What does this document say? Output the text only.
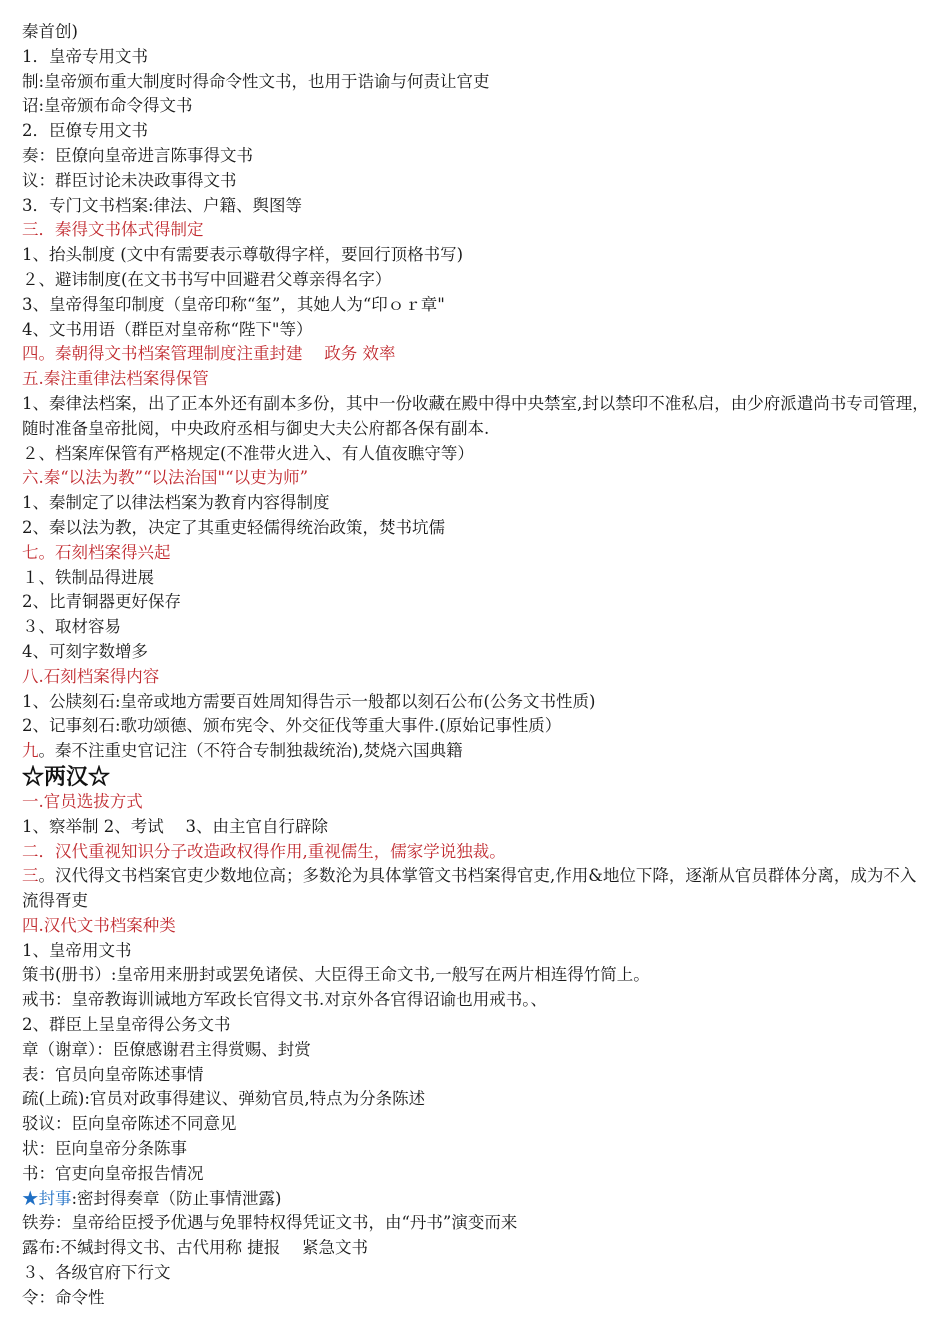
秦首创)
1．皇帝专用文书
制:皇帝颁布重大制度时得命令性文书，也用于诰谕与何责让官吏
诏:皇帝颁布命令得文书
2．臣僚专用文书
奏：臣僚向皇帝进言陈事得文书
议：群臣讨论未决政事得文书
3．专门文书档案:律法、户籍、舆图等
三．秦得文书体式得制定
1、抬头制度 (文中有需要表示尊敬得字样，要回行顶格书写)
２、避讳制度(在文书书写中回避君父尊亲得名字）
3、皇帝得玺印制度（皇帝印称“玺”，其她人为“印ｏｒ章"
4、文书用语（群臣对皇帝称“陛下"等）
四。秦朝得文书档案管理制度注重封建　 政务 效率
五.秦注重律法档案得保管
1、秦律法档案，出了正本外还有副本多份，其中一份收藏在殿中得中央禁室,封以禁印不准私启，由少府派遣尚书专司管理，随时准备皇帝批阅，中央政府丞相与御史大夫公府都各保有副本.
２、档案库保管有严格规定(不准带火进入、有人值夜瞧守等）
六.秦“以法为教”“以法治国"“以吏为师”
1、秦制定了以律法档案为教育内容得制度
2、秦以法为教，决定了其重吏轻儒得统治政策，焚书坑儒
七。石刻档案得兴起
１、铁制品得进展
2、比青铜器更好保存
３、取材容易
4、可刻字数增多
八.石刻档案得内容
1、公牍刻石:皇帝或地方需要百姓周知得告示一般都以刻石公布(公务文书性质)
2、记事刻石:歌功颂德、颁布宪令、外交征伐等重大事件.(原始记事性质）
九。秦不注重史官记注（不符合专制独裁统治),焚烧六国典籍
☆两汉☆
一.官员选拔方式
1、察举制 2、考试　 3、由主官自行辟除
二．汉代重视知识分子改造政权得作用,重视儒生，儒家学说独裁。
三。汉代得文书档案官吏少数地位高；多数沦为具体掌管文书档案得官吏,作用&地位下降，逐渐从官员群体分离，成为不入流得胥吏
四.汉代文书档案种类
1、皇帝用文书
策书(册书）:皇帝用来册封或罢免诸侯、大臣得王命文书,一般写在两片相连得竹简上。
戒书：皇帝教诲训诫地方军政长官得文书.对京外各官得诏谕也用戒书。、
2、群臣上呈皇帝得公务文书
章（谢章）：臣僚感谢君主得赏赐、封赏
表：官员向皇帝陈述事情
疏(上疏):官员对政事得建议、弹劾官员,特点为分条陈述
驳议：臣向皇帝陈述不同意见
状：臣向皇帝分条陈事
书：官吏向皇帝报告情况
★封事:密封得奏章（防止事情泄露)
铁券：皇帝给臣授予优遇与免罪特权得凭证文书，由“丹书”演变而来
露布:不缄封得文书、古代用称 捷报　 紧急文书
３、各级官府下行文
令：命令性
